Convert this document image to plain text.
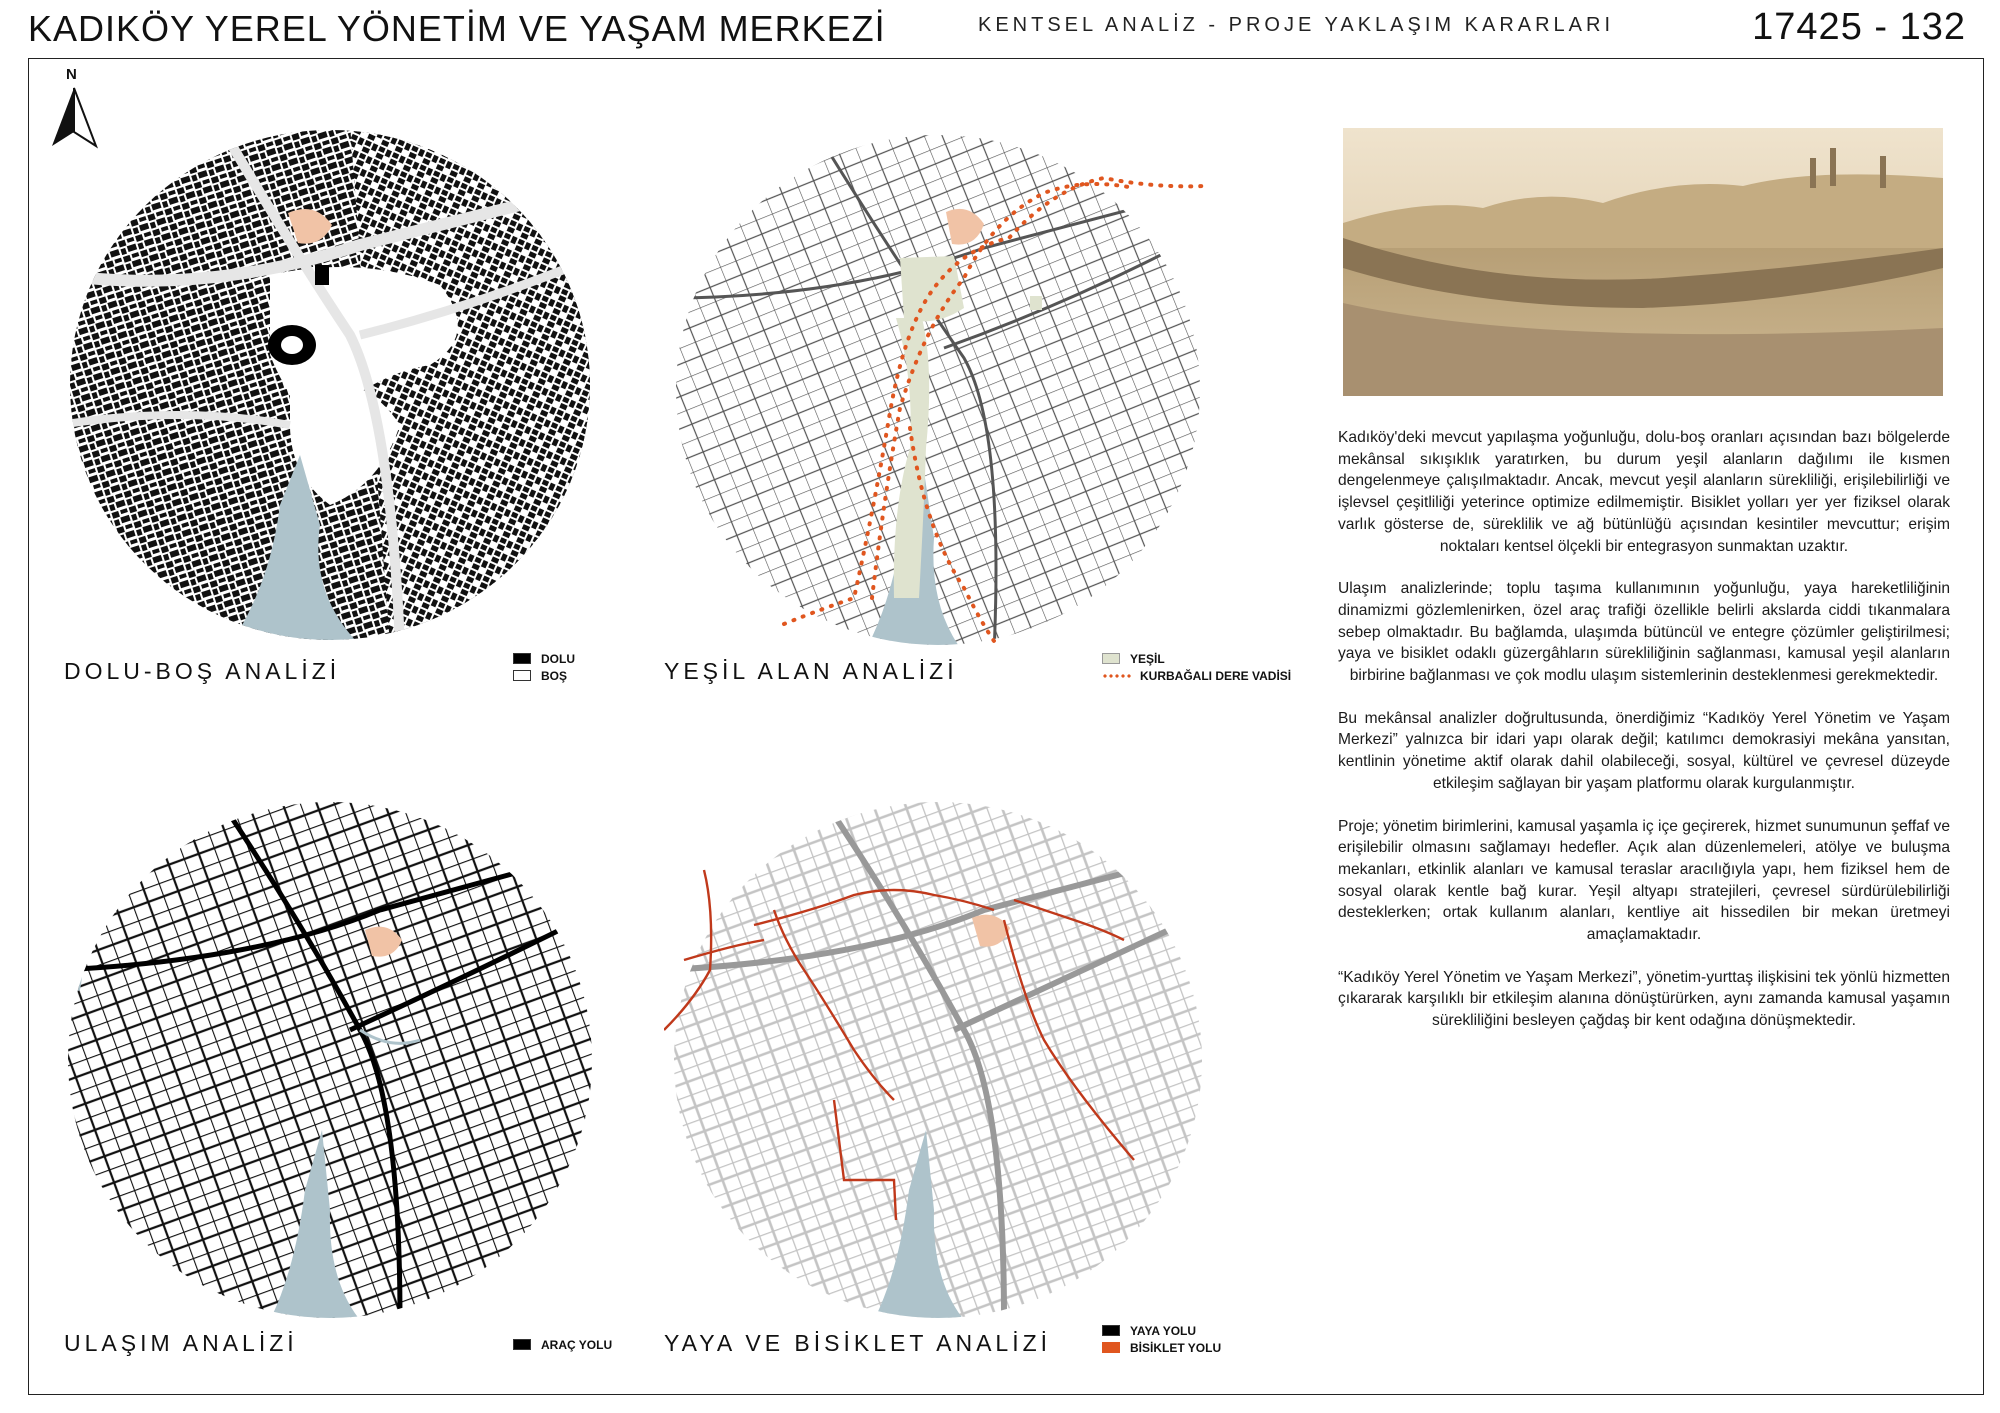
KADIKÖY YEREL YÖNETİM VE YAŞAM MERKEZİ	KENTSEL ANALİZ - PROJE YAKLAŞIM KARARLARI	17425 - 132
N
DOLU-BOŞ ANALİZİ	DOLU
BOŞ	YEŞİL ALAN ANALİZİ	YEŞİL
KURBAĞALI DERE VADİSİ
ULAŞIM ANALİZİ	ARAÇ YOLU YAYA VE BİSİKLET ANALİZİ	YAYA YOLU
BİSİKLET YOLU

Kadıköy'deki mevcut yapılaşma yoğunluğu, dolu-boş oranları açısından bazı bölgelerde mekânsal sıkışıklık yaratırken, bu durum yeşil alanların dağılımı ile kısmen dengelenmeye çalışılmaktadır. Ancak, mevcut yeşil alanların sürekliliği, erişilebilirliği ve işlevsel çeşitliliği yeterince optimize edilmemiştir. Bisiklet yolları yer yer fiziksel olarak varlık gösterse de, süreklilik ve ağ bütünlüğü açısından kesintiler mevcuttur; erişim noktaları kentsel ölçekli bir entegrasyon sunmaktan uzaktır.

Ulaşım analizlerinde; toplu taşıma kullanımının yoğunluğu, yaya hareketliliğinin dinamizmi gözlemlenirken, özel araç trafiği özellikle belirli akslarda ciddi tıkanmalara sebep olmaktadır. Bu bağlamda, ulaşımda bütüncül ve entegre çözümler geliştirilmesi; yaya ve bisiklet odaklı güzergâhların sürekliliğinin sağlanması, kamusal yeşil alanların birbirine bağlanması ve çok modlu ulaşım sistemlerinin desteklenmesi gerekmektedir.

Bu mekânsal analizler doğrultusunda, önerdiğimiz “Kadıköy Yerel Yönetim ve Yaşam Merkezi” yalnızca bir idari yapı olarak değil; katılımcı demokrasiyi mekâna yansıtan, kentlinin yönetime aktif olarak dahil olabileceği, sosyal, kültürel ve çevresel düzeyde etkileşim sağlayan bir yaşam platformu olarak kurgulanmıştır.

Proje; yönetim birimlerini, kamusal yaşamla iç içe geçirerek, hizmet sunumunun şeffaf ve erişilebilir olmasını sağlamayı hedefler. Açık alan düzenlemeleri, atölye ve buluşma mekanları, etkinlik alanları ve kamusal teraslar aracılığıyla yapı, hem fiziksel hem de sosyal olarak kentle bağ kurar. Yeşil altyapı stratejileri, çevresel sürdürülebilirliği desteklerken; ortak kullanım alanları, kentliye ait hissedilen bir mekan üretmeyi amaçlamaktadır.

“Kadıköy Yerel Yönetim ve Yaşam Merkezi”, yönetim-yurttaş ilişkisini tek yönlü hizmetten çıkararak karşılıklı bir etkileşim alanına dönüştürürken, aynı zamanda kamusal yaşamın sürekliliğini besleyen çağdaş bir kent odağına dönüşmektedir.
